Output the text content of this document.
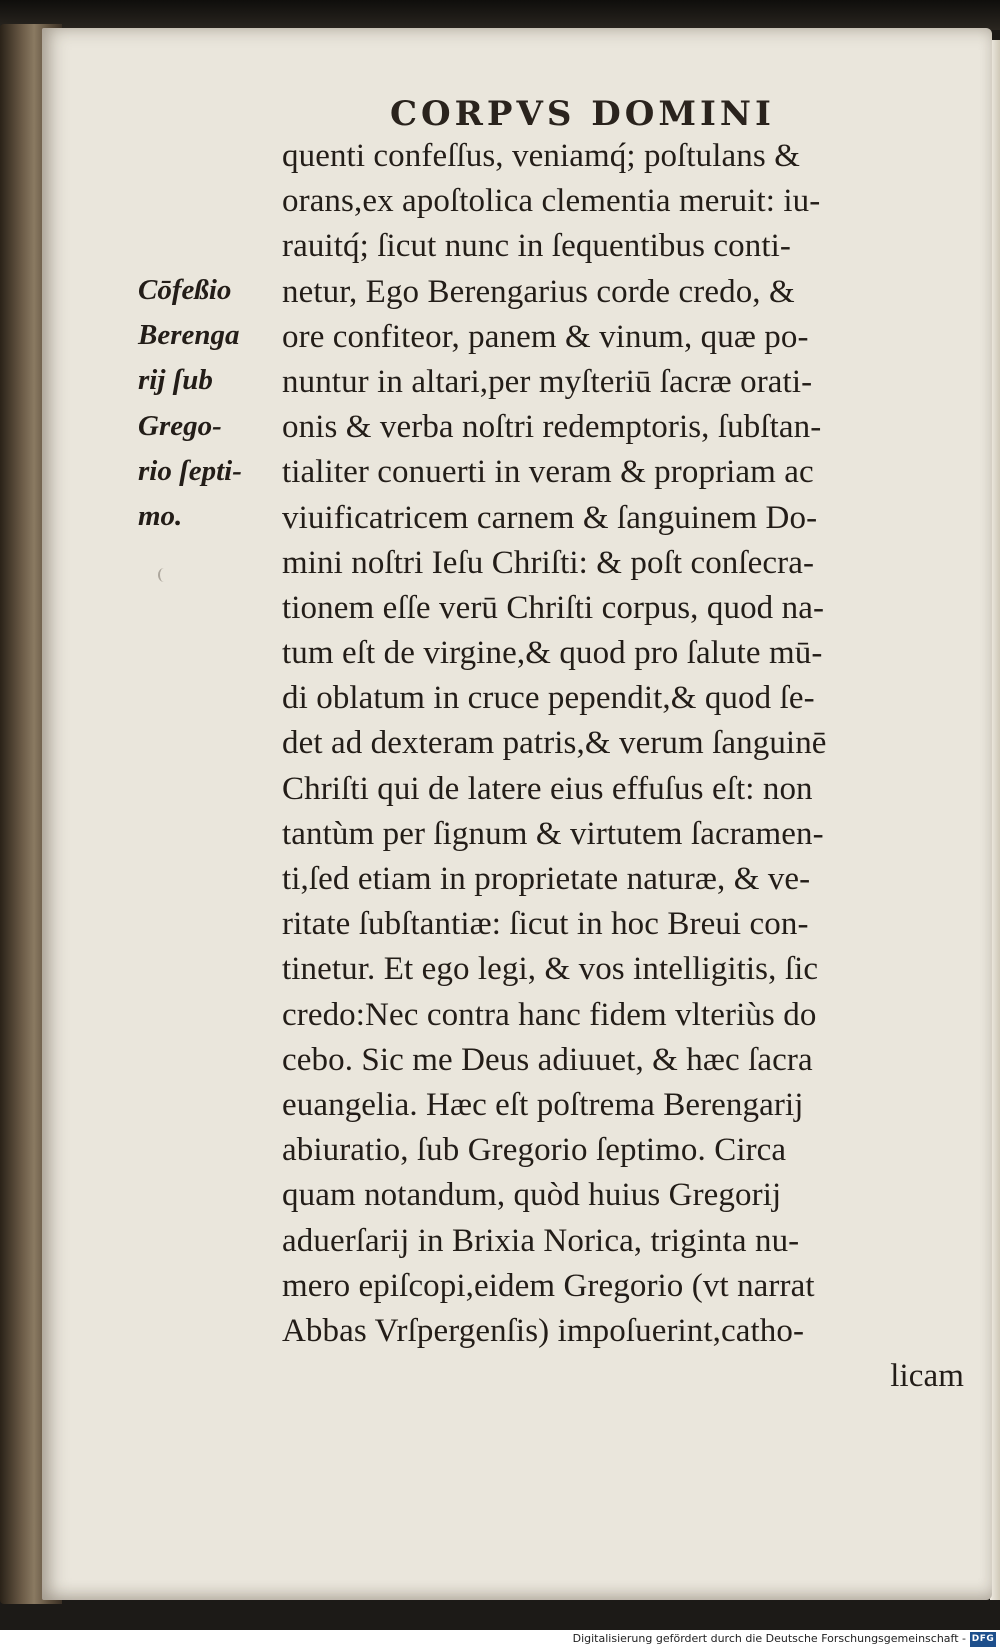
CORPVS DOMINI
Cōfeßio
Berenga
rij ſub
Grego-
rio ſepti-
mo.
quenti confeſſus, veniamq́; poſtulans &
orans,ex apoſtolica clementia meruit: iu-
rauitq́; ſicut nunc in ſequentibus conti-
netur, Ego Berengarius corde credo, &
ore confiteor, panem & vinum, quæ po-
nuntur in altari,per myſteriū ſacræ orati-
onis & verba noſtri redemptoris, ſubſtan-
tialiter conuerti in veram & propriam ac
viuificatricem carnem & ſanguinem Do-
mini noſtri Ieſu Chriſti: & poſt conſecra-
tionem eſſe verū Chriſti corpus, quod na-
tum eſt de virgine,& quod pro ſalute mū-
di oblatum in cruce pependit,& quod ſe-
det ad dexteram patris,& verum ſanguinē
Chriſti qui de latere eius effuſus eſt: non
tantùm per ſignum & virtutem ſacramen-
ti,ſed etiam in proprietate naturæ, & ve-
ritate ſubſtantiæ: ſicut in hoc Breui con-
tinetur. Et ego legi, & vos intelligitis, ſic
credo:Nec contra hanc fidem vlteriùs do
cebo. Sic me Deus adiuuet, & hæc ſacra
euangelia. Hæc eſt poſtrema Berengarij
abiuratio, ſub Gregorio ſeptimo. Circa
quam notandum, quòd huius Gregorij
aduerſarij in Brixia Norica, triginta nu-
mero epiſcopi,eidem Gregorio (vt narrat
Abbas Vrſpergenſis) impoſuerint,catho-
licam
Digitalisierung gefördert durch die Deutsche Forschungsgemeinschaft - DFG
